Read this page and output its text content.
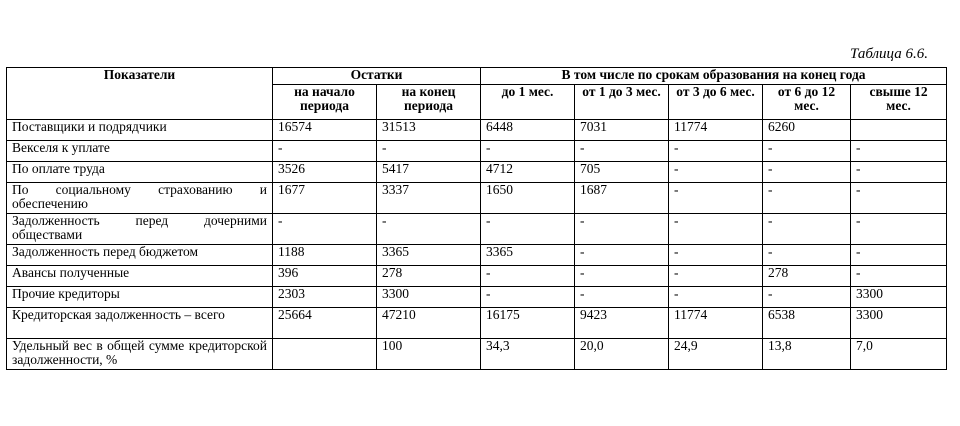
Таблица 6.6.
Показатели	Остатки		В том числе по срокам образования на конец года				
	на начало периода	на конец периода	до 1 мес.	от 1 до 3 мес.	от 3 до 6 мес.	от 6 до 12 мес.	свыше 12 мес.
Поставщики и подрядчики	16574	31513	6448	7031	11774	6260	
Векселя к уплате	-	-	-	-	-	-	-
По оплате труда	3526	5417	4712	705	-	-	-
По социальному страхованию и обеспечению	1677	3337	1650	1687	-	-	-
Задолженность перед дочерними обществами	-	-	-	-	-	-	-
Задолженность перед бюджетом	1188	3365	3365	-	-	-	-
Авансы полученные	396	278	-	-	-	278	-
Прочие кредиторы	2303	3300	-	-	-	-	3300
Кредиторская задолженность – всего	25664	47210	16175	9423	11774	6538	3300
Удельный вес в общей сумме кредиторской задолженности, %		100	34,3	20,0	24,9	13,8	7,0
